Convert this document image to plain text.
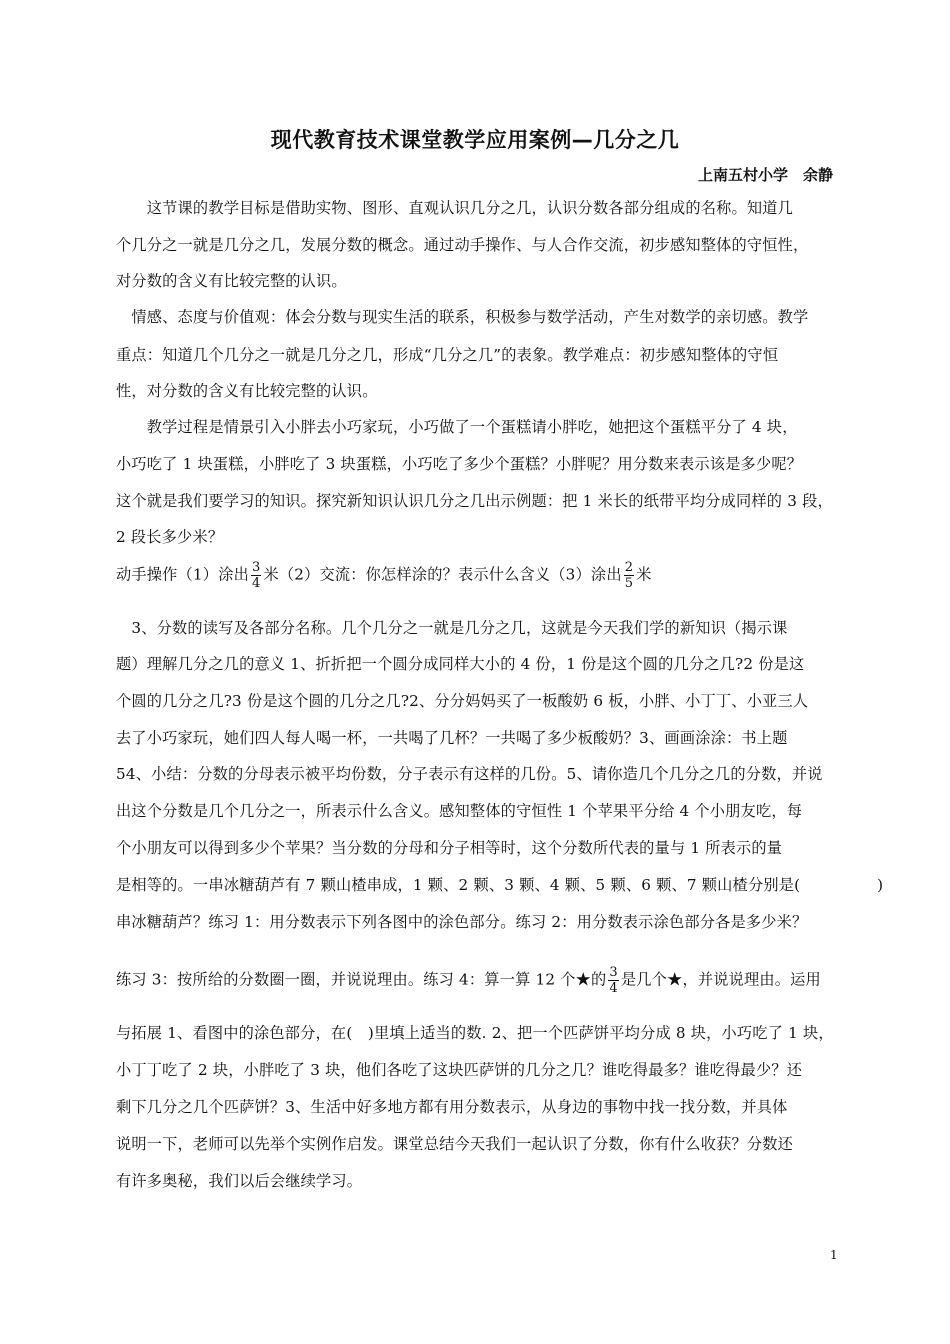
现代教育技术课堂教学应用案例—几分之几
上南五村小学　余静
　　这节课的教学目标是借助实物、图形、直观认识几分之几，认识分数各部分组成的名称。知道几
个几分之一就是几分之几，发展分数的概念。通过动手操作、与人合作交流，初步感知整体的守恒性，
对分数的含义有比较完整的认识。
　情感、态度与价值观：体会分数与现实生活的联系，积极参与数学活动，产生对数学的亲切感。教学
重点：知道几个几分之一就是几分之几，形成“几分之几”的表象。教学难点：初步感知整体的守恒
性，对分数的含义有比较完整的认识。
　　教学过程是情景引入小胖去小巧家玩，小巧做了一个蛋糕请小胖吃，她把这个蛋糕平分了 4 块，
小巧吃了 1 块蛋糕，小胖吃了 3 块蛋糕，小巧吃了多少个蛋糕？小胖呢？用分数来表示该是多少呢？
这个就是我们要学习的知识。探究新知识认识几分之几出示例题：把 1 米长的纸带平均分成同样的 3 段，
2 段长多少米？
动手操作（1）涂出 $\frac{3}{4}$ 米（2）交流：你怎样涂的？表示什么含义（3）涂出 $\frac{2}{5}$ 米
　3、分数的读写及各部分名称。几个几分之一就是几分之几，这就是今天我们学的新知识（揭示课
题）理解几分之几的意义 1、折折把一个圆分成同样大小的 4 份，1 份是这个圆的几分之几?2 份是这
个圆的几分之几?3 份是这个圆的几分之几?2、分分妈妈买了一板酸奶 6 板，小胖、小丁丁、小亚三人
去了小巧家玩，她们四人每人喝一杯，一共喝了几杯？一共喝了多少板酸奶？3、画画涂涂：书上题
54、小结：分数的分母表示被平均份数，分子表示有这样的几份。5、请你造几个几分之几的分数，并说
出这个分数是几个几分之一，所表示什么含义。感知整体的守恒性 1 个苹果平分给 4 个小朋友吃，每
个小朋友可以得到多少个苹果？当分数的分母和分子相等时，这个分数所代表的量与 1 所表示的量
是相等的。一串冰糖葫芦有 7 颗山楂串成，1 颗、2 颗、3 颗、4 颗、5 颗、6 颗、7 颗山楂分别是(　　　　　)
串冰糖葫芦？练习 1：用分数表示下列各图中的涂色部分。练习 2：用分数表示涂色部分各是多少米？
练习 3：按所给的分数圈一圈，并说说理由。练习 4：算一算 12 个★的 $\frac{3}{4}$ 是几个★，并说说理由。运用
与拓展 1、看图中的涂色部分，在(　)里填上适当的数. 2、把一个匹萨饼平均分成 8 块，小巧吃了 1 块，
小丁丁吃了 2 块，小胖吃了 3 块，他们各吃了这块匹萨饼的几分之几？谁吃得最多？谁吃得最少？还
剩下几分之几个匹萨饼？3、生活中好多地方都有用分数表示，从身边的事物中找一找分数，并具体
说明一下，老师可以先举个实例作启发。课堂总结今天我们一起认识了分数，你有什么收获？分数还
有许多奥秘，我们以后会继续学习。
1
